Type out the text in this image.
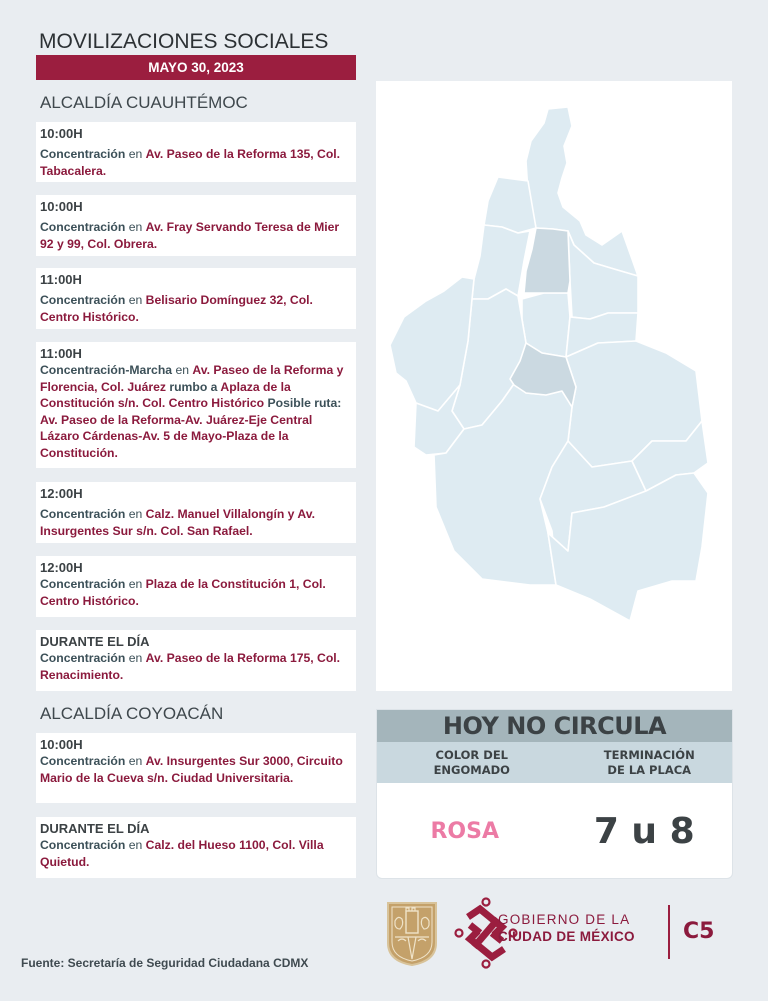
MOVILIZACIONES SOCIALES
MAYO 30, 2023
ALCALDÍA CUAUHTÉMOC
10:00H
Concentración en Av. Paseo de la Reforma 135, Col. Tabacalera.
10:00H
Concentración en Av. Fray Servando Teresa de Mier 92 y 99, Col. Obrera.
11:00H
Concentración en Belisario Domínguez 32, Col. Centro Histórico.
11:00H
Concentración-Marcha en Av. Paseo de la Reforma y Florencia, Col. Juárez rumbo a Aplaza de la Constitución s/n. Col. Centro Histórico Posible ruta: Av. Paseo de la Reforma-Av. Juárez-Eje Central Lázaro Cárdenas-Av. 5 de Mayo-Plaza de la Constitución.
12:00H
Concentración en Calz. Manuel Villalongín y Av. Insurgentes Sur s/n. Col. San Rafael.
12:00H
Concentración en Plaza de la Constitución 1, Col. Centro Histórico.
DURANTE EL DÍA
Concentración en Av. Paseo de la Reforma 175, Col. Renacimiento.
ALCALDÍA COYOACÁN
10:00H
Concentración en Av. Insurgentes Sur 3000, Circuito Mario de la Cueva s/n. Ciudad Universitaria.
DURANTE EL DÍA
Concentración en Calz. del Hueso 1100, Col. Villa Quietud.
Fuente: Secretaría de Seguridad Ciudadana CDMX
HOY NO CIRCULA
COLOR DEL ENGOMADO
TERMINACIÓN DE LA PLACA
ROSA	7 u 8
GOBIERNO DE LA
CIUDAD DE MÉXICO C5
